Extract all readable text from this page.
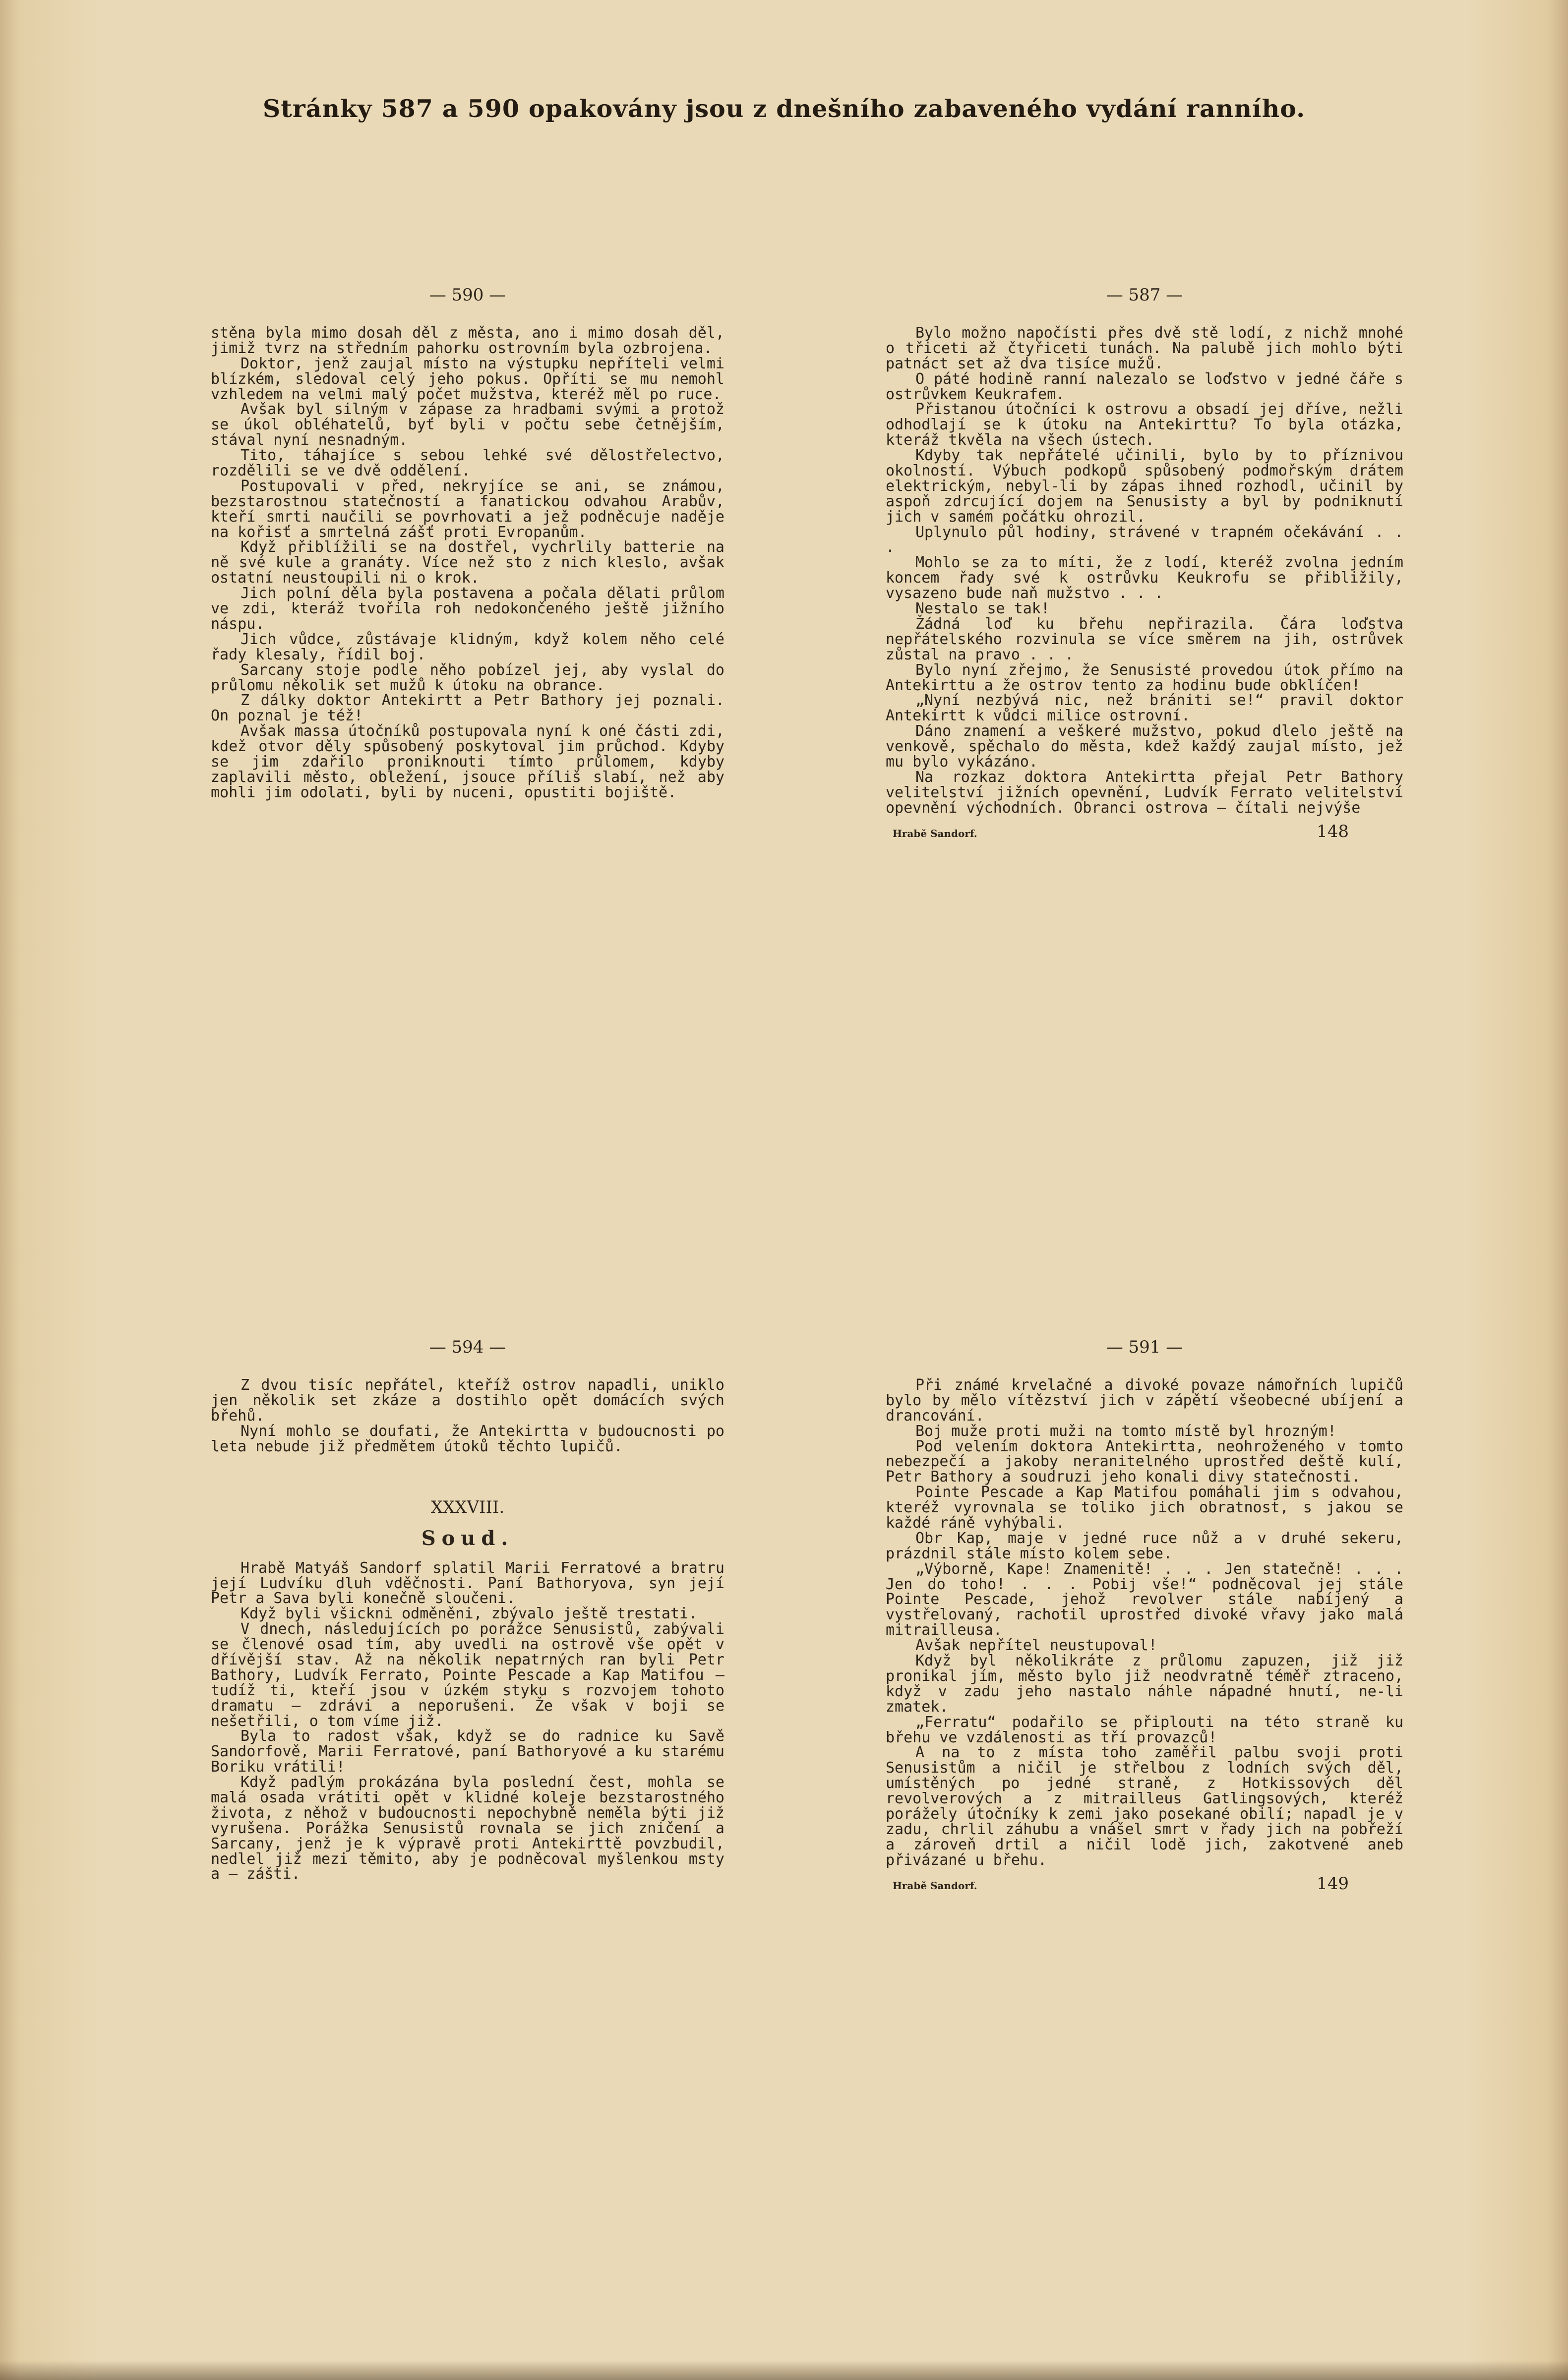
Stránky 587 a 590 opakovány jsou z dnešního zabaveného vydání ranního.
— 590 —

stěna byla mimo dosah děl z města, ano i mimo dosah děl, jimiž tvrz na středním pahorku ostrovním byla ozbrojena.

Doktor, jenž zaujal místo na výstupku nepříteli velmi blízkém, sledoval celý jeho pokus. Opříti se mu nemohl vzhledem na velmi malý počet mužstva, kteréž měl po ruce.

Avšak byl silným v zápase za hradbami svými a protož se úkol obléhatelů, byť byli v počtu sebe četnějším, stával nyní nesnadným.

Tito, táhajíce s sebou lehké své dělostřelectvo, rozdělili se ve dvě oddělení.

Postupovali v před, nekryjíce se ani, se známou, bezstarostnou statečností a fanatickou odvahou Arabův, kteří smrti naučili se povrhovati a jež podněcuje naděje na kořisť a smrtelná zášť proti Evropanům.

Když přiblížili se na dostřel, vychrlily batterie na ně své kule a granáty. Více než sto z nich kleslo, avšak ostatní neustoupili ni o krok.

Jich polní děla byla postavena a počala dělati průlom ve zdi, kteráž tvořila roh nedokončeného ještě jižního náspu.

Jich vůdce, zůstávaje klidným, když kolem něho celé řady klesaly, řídil boj.

Sarcany stoje podle něho pobízel jej, aby vyslal do průlomu několik set mužů k útoku na obrance.

Z dálky doktor Antekirtt a Petr Bathory jej poznali. On poznal je též!

Avšak massa útočníků postupovala nyní k oné části zdi, kdež otvor děly spůsobený poskytoval jim průchod. Kdyby se jim zdařilo proniknouti tímto průlomem, kdyby zaplavili město, obležení, jsouce příliš slabí, než aby mohli jim odolati, byli by nuceni, opustiti bojiště.

— 587 —

Bylo možno napočísti přes dvě stě lodí, z nichž mnohé o třiceti až čtyřiceti tunách. Na palubě jich mohlo býti patnáct set až dva tisíce mužů.

O páté hodině ranní nalezalo se loďstvo v jedné čáře s ostrůvkem Keukrafem.

Přistanou útočníci k ostrovu a obsadí jej dříve, nežli odhodlají se k útoku na Antekirttu? To byla otázka, kteráž tkvěla na všech ústech.

Kdyby tak nepřátelé učinili, bylo by to příznivou okolností. Výbuch podkopů spůsobený podmořským drátem elektrickým, nebyl-li by zápas ihned rozhodl, učinil by aspoň zdrcující dojem na Senusisty a byl by podniknutí jich v samém počátku ohrozil.

Uplynulo půl hodiny, strávené v trapném očekávání . . .

Mohlo se za to míti, že z lodí, kteréž zvolna jedním koncem řady své k ostrůvku Keukrofu se přibližily, vysazeno bude naň mužstvo . . .

Nestalo se tak!

Žádná loď ku břehu nepřirazila. Čára loďstva nepřátelského rozvinula se více směrem na jih, ostrůvek zůstal na pravo . . .

Bylo nyní zřejmo, že Senusisté provedou útok přímo na Antekirttu a že ostrov tento za hodinu bude obklíčen!

„Nyní nezbývá nic, než brániti se!“ pravil doktor Antekirtt k vůdci milice ostrovní.

Dáno znamení a veškeré mužstvo, pokud dlelo ještě na venkově, spěchalo do města, kdež každý zaujal místo, jež mu bylo vykázáno.

Na rozkaz doktora Antekirtta přejal Petr Bathory velitelství jižních opevnění, Ludvík Ferrato velitelství opevnění východních. Obranci ostrova — čítali nejvýše

Hrabě Sandorf.	148
— 594 —

Z dvou tisíc nepřátel, kteříž ostrov napadli, uniklo jen několik set zkáze a dostihlo opět domácích svých břehů.

Nyní mohlo se doufati, že Antekirtta v budoucnosti po leta nebude již předmětem útoků těchto lupičů.

XXXVIII.
Soud.

Hrabě Matyáš Sandorf splatil Marii Ferratové a bratru její Ludvíku dluh vděčnosti. Paní Bathoryova, syn její Petr a Sava byli konečně sloučeni.

Když byli všickni odměněni, zbývalo ještě trestati.

V dnech, následujících po porážce Senusistů, zabývali se členové osad tím, aby uvedli na ostrově vše opět v dřívější stav. Až na několik nepatrných ran byli Petr Bathory, Ludvík Ferrato, Pointe Pescade a Kap Matifou — tudíž ti, kteří jsou v úzkém styku s rozvojem tohoto dramatu — zdrávi a neporušeni. Že však v boji se nešetřili, o tom víme již.

Byla to radost však, když se do radnice ku Savě Sandorfově, Marii Ferratové, paní Bathoryové a ku starému Boriku vrátili!

Když padlým prokázána byla poslední čest, mohla se malá osada vrátiti opět v klidné koleje bezstarostného života, z něhož v budoucnosti nepochybně neměla býti již vyrušena. Porážka Senusistů rovnala se jich zničení a Sarcany, jenž je k výpravě proti Antekirttě povzbudil, nedlel již mezi těmito, aby je podněcoval myšlenkou msty a — zášti.

— 591 —

Při známé krvelačné a divoké povaze námořních lupičů bylo by mělo vítězství jich v zápětí všeobecné ubíjení a drancování.

Boj muže proti muži na tomto místě byl hrozným!

Pod velením doktora Antekirtta, neohroženého v tomto nebezpečí a jakoby neranitelného uprostřed deště kulí, Petr Bathory a soudruzi jeho konali divy statečnosti.

Pointe Pescade a Kap Matifou pomáhali jim s odvahou, kteréž vyrovnala se toliko jich obratnost, s jakou se každé ráně vyhýbali.

Obr Kap, maje v jedné ruce nůž a v druhé sekeru, prázdnil stále místo kolem sebe.

„Výborně, Kape! Znamenitě! . . . Jen statečně! . . . Jen do toho! . . . Pobij vše!“ podněcoval jej stále Pointe Pescade, jehož revolver stále nabíjený a vystřelovaný, rachotil uprostřed divoké vřavy jako malá mitrailleusa.

Avšak nepřítel neustupoval!

Když byl několikráte z průlomu zapuzen, již již pronikal jím, město bylo již neodvratně téměř ztraceno, když v zadu jeho nastalo náhle nápadné hnutí, ne-li zmatek.

„Ferratu“ podařilo se připlouti na této straně ku břehu ve vzdálenosti as tří provazců!

A na to z místa toho zaměřil palbu svoji proti Senusistům a ničil je střelbou z lodních svých děl, umístěných po jedné straně, z Hotkissových děl revolverových a z mitrailleus Gatlingsových, kteréž porážely útočníky k zemi jako posekané obilí; napadl je v zadu, chrlil záhubu a vnášel smrt v řady jich na pobřeží a zároveň drtil a ničil lodě jich, zakotvené aneb přivázané u břehu.

Hrabě Sandorf.	149
